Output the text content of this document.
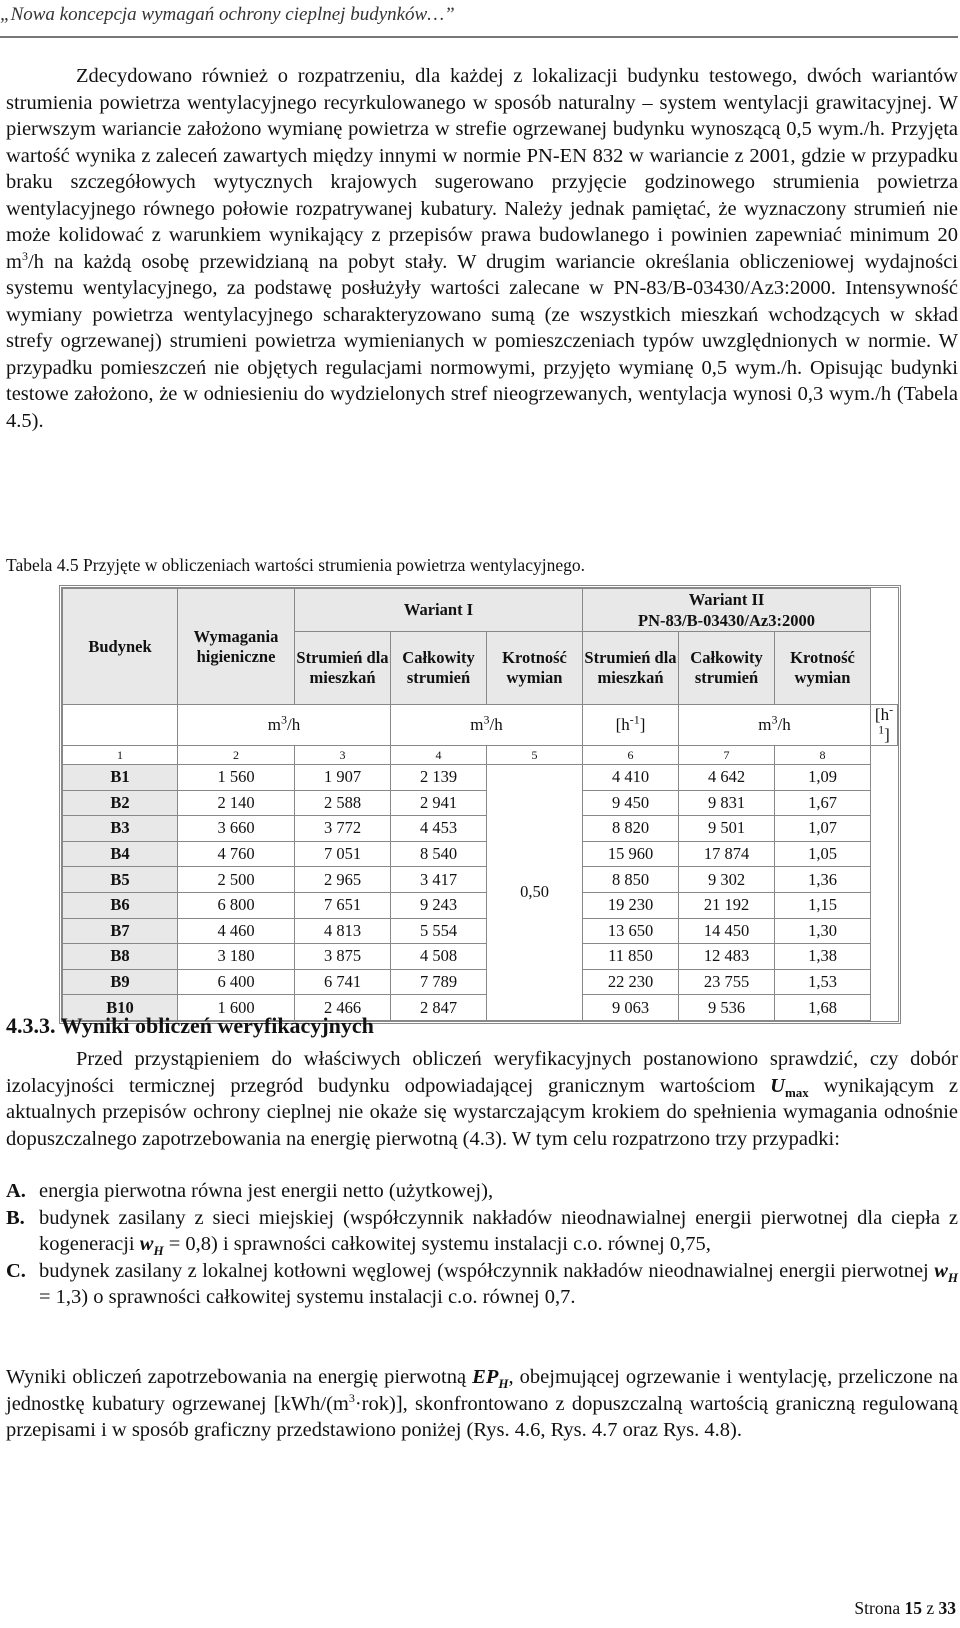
„Nowa koncepcja wymagań ochrony cieplnej budynków…”

Zdecydowano również o rozpatrzeniu, dla każdej z lokalizacji budynku testowego, dwóch wariantów strumienia powietrza wentylacyjnego recyrkulowanego w sposób naturalny – system wentylacji grawitacyjnej. W pierwszym wariancie założono wymianę powietrza w strefie ogrzewanej budynku wynoszącą 0,5 wym./h. Przyjęta wartość wynika z zaleceń zawartych między innymi w normie PN-EN 832 w wariancie z 2001, gdzie w przypadku braku szczegółowych wytycznych krajowych sugerowano przyjęcie godzinowego strumienia powietrza wentylacyjnego równego połowie rozpatrywanej kubatury. Należy jednak pamiętać, że wyznaczony strumień nie może kolidować z warunkiem wynikający z przepisów prawa budowlanego i powinien zapewniać minimum 20 $m^3/h$ na każdą osobę przewidzianą na pobyt stały. W drugim wariancie określania obliczeniowej wydajności systemu wentylacyjnego, za podstawę posłużyły wartości zalecane w PN-83/B-03430/Az3:2000. Intensywność wymiany powietrza wentylacyjnego scharakteryzowano sumą (ze wszystkich mieszkań wchodzących w skład strefy ogrzewanej) strumieni powietrza wymienianych w pomieszczeniach typów uwzględnionych w normie. W przypadku pomieszczeń nie objętych regulacjami normowymi, przyjęto wymianę 0,5 wym./h. Opisując budynki testowe założono, że w odniesieniu do wydzielonych stref nieogrzewanych, wentylacja wynosi 0,3 wym./h (Tabela 4.5).

Tabela 4.5 Przyjęte w obliczeniach wartości strumienia powietrza wentylacyjnego.
Budynek	Wymagania higieniczne	Wariant I			Wariant II
PN-83/B-03430/Az3:2000			
		Strumień dla mieszkań	Całkowity strumień	Krotność wymian	Strumień dla mieszkań	Całkowity strumień	Krotność wymian	
	$m^3/h$		$m^3/h$		$[h^{-1}]$	$m^3/h$		$[h^{-1}]$
1	2	3	4	5	6	7	8	
B1	1 560	1 907	2 139	0,50	4 410	4 642	1,09	
B2	2 140	2 588	2 941		9 450	9 831	1,67	
B3	3 660	3 772	4 453		8 820	9 501	1,07	
B4	4 760	7 051	8 540		15 960	17 874	1,05	
B5	2 500	2 965	3 417		8 850	9 302	1,36	
B6	6 800	7 651	9 243		19 230	21 192	1,15	
B7	4 460	4 813	5 554		13 650	14 450	1,30	
B8	3 180	3 875	4 508		11 850	12 483	1,38	
B9	6 400	6 741	7 789		22 230	23 755	1,53	
B10	1 600	2 466	2 847		9 063	9 536	1,68	
4.3.3. Wyniki obliczeń weryfikacyjnych

Przed przystąpieniem do właściwych obliczeń weryfikacyjnych postanowiono sprawdzić, czy dobór izolacyjności termicznej przegród budynku odpowiadającej granicznym wartościom $U_{max}$ wynikającym z aktualnych przepisów ochrony cieplnej nie okaże się wystarczającym krokiem do spełnienia wymagania odnośnie dopuszczalnego zapotrzebowania na energię pierwotną (4.3). W tym celu rozpatrzono trzy przypadki:

A. energia pierwotna równa jest energii netto (użytkowej),
B. budynek zasilany z sieci miejskiej (współczynnik nakładów nieodnawialnej energii pierwotnej dla ciepła z kogeneracji $w_H = 0,8$) i sprawności całkowitej systemu instalacji c.o. równej 0,75,
C. budynek zasilany z lokalnej kotłowni węglowej (współczynnik nakładów nieodnawialnej energii pierwotnej $w_H = 1,3$) o sprawności całkowitej systemu instalacji c.o. równej 0,7.

Wyniki obliczeń zapotrzebowania na energię pierwotną $EP_H$, obejmującej ogrzewanie i wentylację, przeliczone na jednostkę kubatury ogrzewanej $[kWh/(m^3\cdot rok)]$, skonfrontowano z dopuszczalną wartością graniczną regulowaną przepisami i w sposób graficzny przedstawiono poniżej (Rys. 4.6, Rys. 4.7 oraz Rys. 4.8).

Strona 15 z 33
